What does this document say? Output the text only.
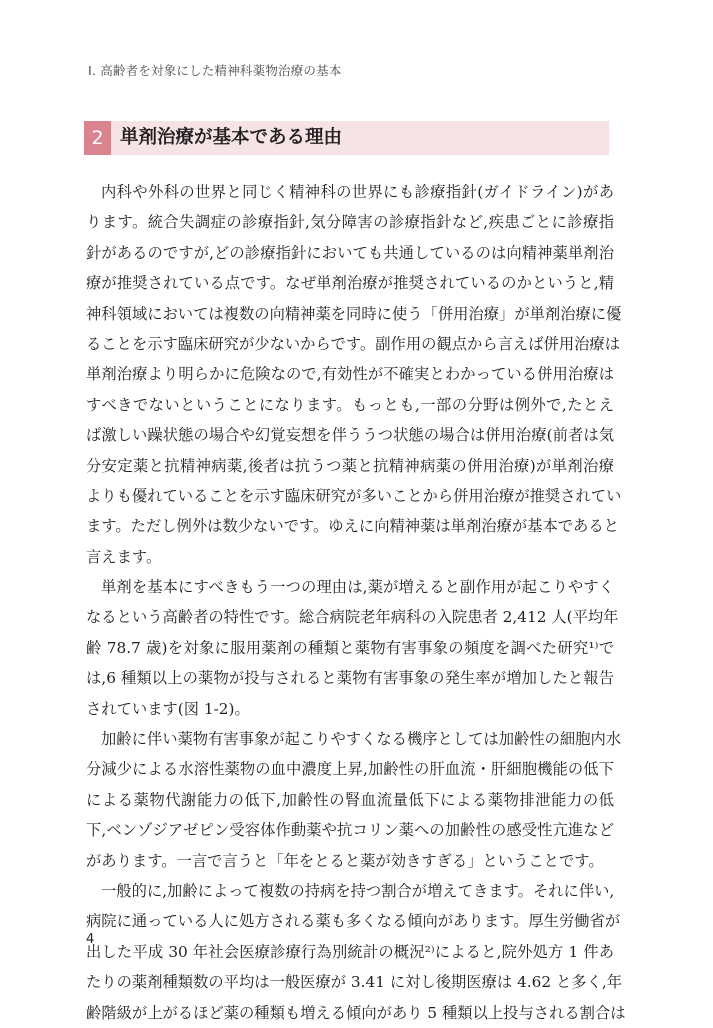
Ⅰ. 高齢者を対象にした精神科薬物治療の基本
2 単剤治療が基本である理由
内科や外科の世界と同じく精神科の世界にも診療指針(ガイドライン)があ
ります。統合失調症の診療指針,気分障害の診療指針など,疾患ごとに診療指
針があるのですが,どの診療指針においても共通しているのは向精神薬単剤治
療が推奨されている点です。なぜ単剤治療が推奨されているのかというと,精
神科領域においては複数の向精神薬を同時に使う「併用治療」が単剤治療に優
ることを示す臨床研究が少ないからです。副作用の観点から言えば併用治療は
単剤治療より明らかに危険なので,有効性が不確実とわかっている併用治療は
すべきでないということになります。もっとも,一部の分野は例外で,たとえ
ば激しい躁状態の場合や幻覚妄想を伴ううつ状態の場合は併用治療(前者は気
分安定薬と抗精神病薬,後者は抗うつ薬と抗精神病薬の併用治療)が単剤治療
よりも優れていることを示す臨床研究が多いことから併用治療が推奨されてい
ます。ただし例外は数少ないです。ゆえに向精神薬は単剤治療が基本であると
言えます。
単剤を基本にすべきもう一つの理由は,薬が増えると副作用が起こりやすく
なるという高齢者の特性です。総合病院老年病科の入院患者 2,412 人(平均年
齢 78.7 歳)を対象に服用薬剤の種類と薬物有害事象の頻度を調べた研究¹⁾で
は,6 種類以上の薬物が投与されると薬物有害事象の発生率が増加したと報告
されています(図 1-2)。
加齢に伴い薬物有害事象が起こりやすくなる機序としては加齢性の細胞内水
分減少による水溶性薬物の血中濃度上昇,加齢性の肝血流・肝細胞機能の低下
による薬物代謝能力の低下,加齢性の腎血流量低下による薬物排泄能力の低
下,ベンゾジアゼピン受容体作動薬や抗コリン薬への加齢性の感受性亢進など
があります。一言で言うと「年をとると薬が効きすぎる」ということです。
一般的に,加齢によって複数の持病を持つ割合が増えてきます。それに伴い,
病院に通っている人に処方される薬も多くなる傾向があります。厚生労働省が
出した平成 30 年社会医療診療行為別統計の概況²⁾によると,院外処方 1 件あ
たりの薬剤種類数の平均は一般医療が 3.41 に対し後期医療は 4.62 と多く,年
齢階級が上がるほど薬の種類も増える傾向があり 5 種類以上投与される割合は
4
